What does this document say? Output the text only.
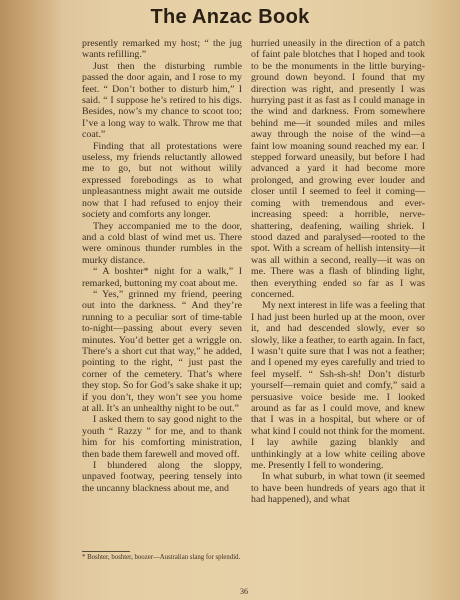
The Anzac Book

presently remarked my host; “ the jug wants refilling.”

Just then the disturbing rumble passed the door again, and I rose to my feet. “ Don’t bother to disturb him,” I said. “ I suppose he’s retired to his digs. Besides, now’s my chance to scoot too; I’ve a long way to walk. Throw me that coat.”

Finding that all protestations were useless, my friends reluctantly allowed me to go, but not without wilily expressed forebodings as to what unpleasantness might await me outside now that I had refused to enjoy their society and comforts any longer.

They accompanied me to the door, and a cold blast of wind met us. There were ominous thunder rumbles in the murky distance.

“ A boshter* night for a walk,” I remarked, buttoning my coat about me.

“ Yes,” grinned my friend, peering out into the darkness. “ And they’re running to a peculiar sort of time-table to-night—passing about every seven minutes. You’d better get a wriggle on. There’s a short cut that way,” he added, pointing to the right, “ just past the corner of the cemetery. That’s where they stop. So for God’s sake shake it up; if you don’t, they won’t see you home at all. It’s an unhealthy night to be out.”

I asked them to say good night to the youth “ Razzy ” for me, and to thank him for his comforting ministration, then bade them farewell and moved off.

I blundered along the sloppy, unpaved footway, peering tensely into the uncanny blackness about me, and

hurried uneasily in the direction of a patch of faint pale blotches that I hoped and took to be the monuments in the little burying-ground down beyond. I found that my direction was right, and presently I was hurrying past it as fast as I could manage in the wind and darkness. From somewhere behind me—it sounded miles and miles away through the noise of the wind—a faint low moaning sound reached my ear. I stepped forward uneasily, but before I had advanced a yard it had become more prolonged, and growing ever louder and closer until I seemed to feel it coming—coming with tremendous and ever-increasing speed: a horrible, nerve-shattering, deafening, wailing shriek. I stood dazed and paralysed—rooted to the spot. With a scream of hellish intensity—it was all within a second, really—it was on me. There was a flash of blinding light, then everything ended so far as I was concerned.

My next interest in life was a feeling that I had just been hurled up at the moon, over it, and had descended slowly, ever so slowly, like a feather, to earth again. In fact, I wasn’t quite sure that I was not a feather; and I opened my eyes carefully and tried to feel myself. “ Ssh-sh-sh! Don’t disturb yourself—remain quiet and comfy,” said a persuasive voice beside me. I looked around as far as I could move, and knew that I was in a hospital, but where or of what kind I could not think for the moment. I lay awhile gazing blankly and unthinkingly at a low white ceiling above me. Presently I fell to wondering.

In what suburb, in what town (it seemed to have been hundreds of years ago that it had happened), and what

* Boshter, boshter, boozer—Australian slang for splendid.
36
